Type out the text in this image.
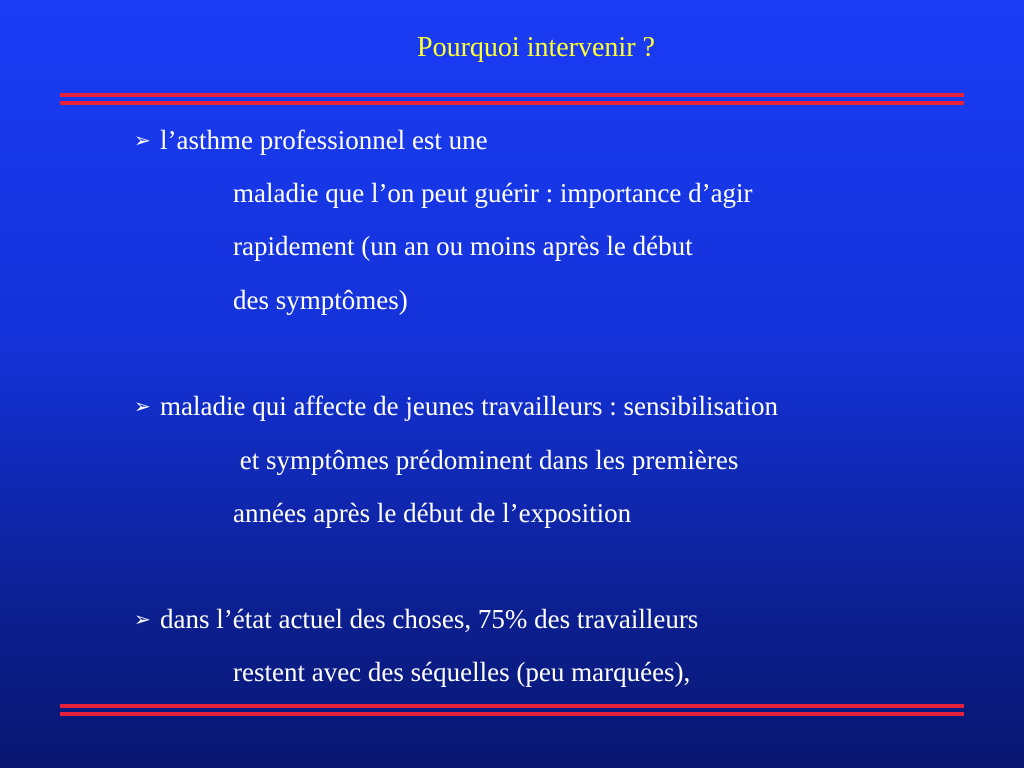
Pourquoi intervenir ?
➢ l’asthme professionnel est une
maladie que l’on peut guérir : importance d’agir
rapidement (un an ou moins après le début
des symptômes)
➢ maladie qui affecte de jeunes travailleurs : sensibilisation
et symptômes prédominent dans les premières
années après le début de l’exposition
➢ dans l’état actuel des choses, 75% des travailleurs
restent avec des séquelles (peu marquées),
